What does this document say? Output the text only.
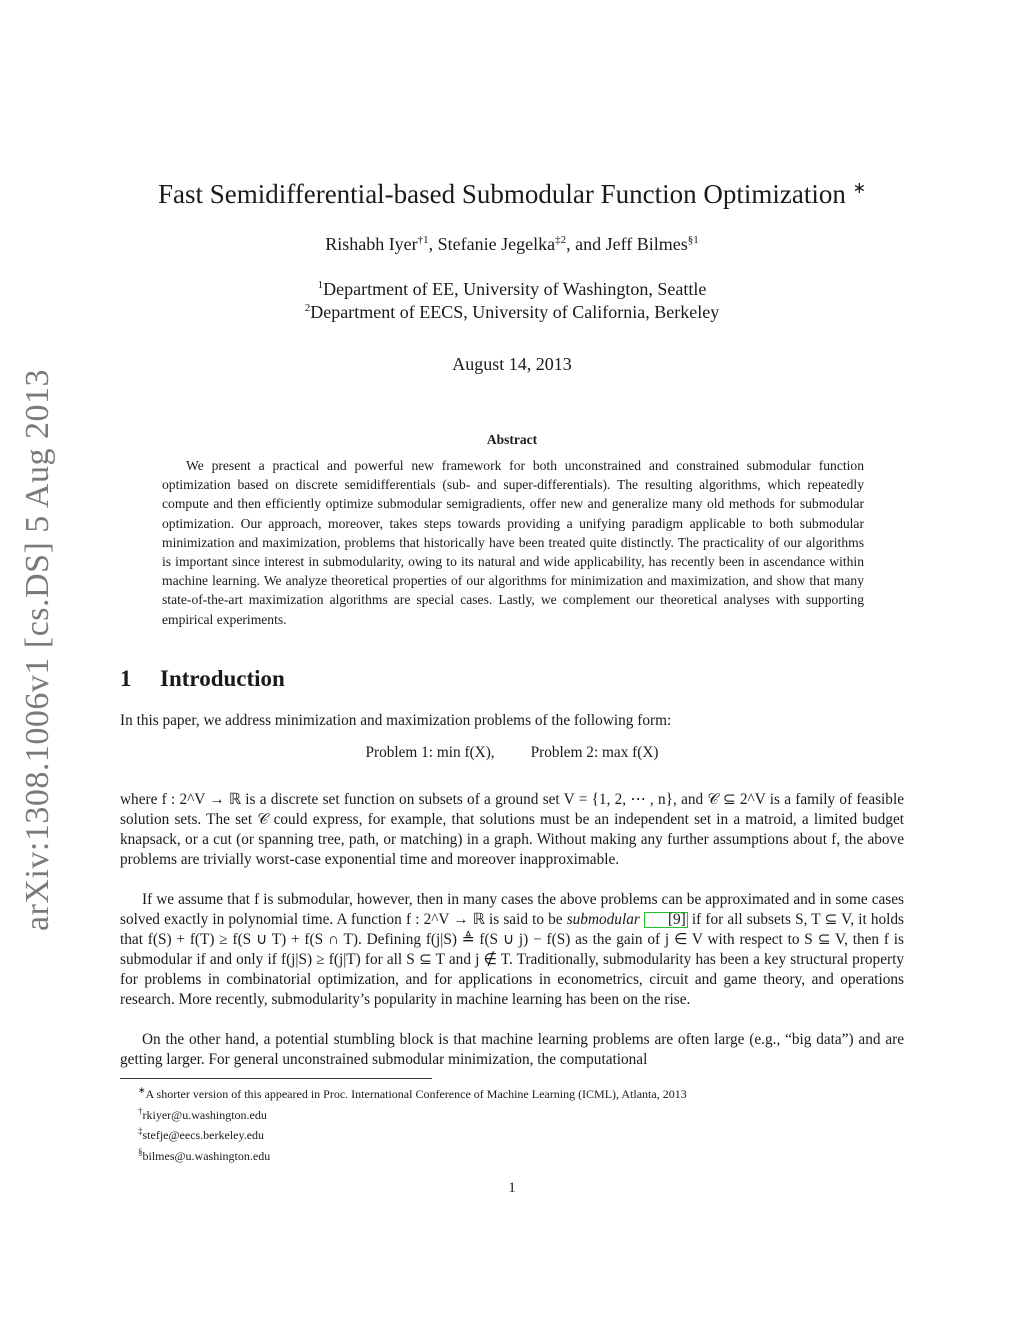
arXiv:1308.1006v1 [cs.DS] 5 Aug 2013
Fast Semidifferential-based Submodular Function Optimization ∗
Rishabh Iyer$^{\dagger 1}$, Stefanie Jegelka$^{\ddagger 2}$, and Jeff Bilmes$^{\S 1}$
$^1$Department of EE, University of Washington, Seattle
$^2$Department of EECS, University of California, Berkeley
August 14, 2013
Abstract
We present a practical and powerful new framework for both unconstrained and constrained submodular function optimization based on discrete semidifferentials (sub- and super-differentials). The resulting algorithms, which repeatedly compute and then efficiently optimize submodular semigradients, offer new and generalize many old methods for submodular optimization. Our approach, moreover, takes steps towards providing a unifying paradigm applicable to both submodular minimization and maximization, problems that historically have been treated quite distinctly. The practicality of our algorithms is important since interest in submodularity, owing to its natural and wide applicability, has recently been in ascendance within machine learning. We analyze theoretical properties of our algorithms for minimization and maximization, and show that many state-of-the-art maximization algorithms are special cases. Lastly, we complement our theoretical analyses with supporting empirical experiments.
1 Introduction
In this paper, we address minimization and maximization problems of the following form:
Problem 1: min f(X), Problem 2: max f(X)
where f : 2^V → ℝ is a discrete set function on subsets of a ground set V = {1, 2, ⋯ , n}, and 𝒞 ⊆ 2^V is a family of feasible solution sets. The set 𝒞 could express, for example, that solutions must be an independent set in a matroid, a limited budget knapsack, or a cut (or spanning tree, path, or matching) in a graph. Without making any further assumptions about f, the above problems are trivially worst-case exponential time and moreover inapproximable.
If we assume that f is submodular, however, then in many cases the above problems can be approximated and in some cases solved exactly in polynomial time. A function f : 2^V → ℝ is said to be submodular [9] if for all subsets S, T ⊆ V, it holds that f(S) + f(T) ≥ f(S ∪ T) + f(S ∩ T). Defining f(j|S) ≜ f(S ∪ j) − f(S) as the gain of j ∈ V with respect to S ⊆ V, then f is submodular if and only if f(j|S) ≥ f(j|T) for all S ⊆ T and j ∉ T. Traditionally, submodularity has been a key structural property for problems in combinatorial optimization, and for applications in econometrics, circuit and game theory, and operations research. More recently, submodularity’s popularity in machine learning has been on the rise.
On the other hand, a potential stumbling block is that machine learning problems are often large (e.g., “big data”) and are getting larger. For general unconstrained submodular minimization, the computational
∗A shorter version of this appeared in Proc. International Conference of Machine Learning (ICML), Atlanta, 2013
†rkiyer@u.washington.edu
‡stefje@eecs.berkeley.edu
§bilmes@u.washington.edu
1
